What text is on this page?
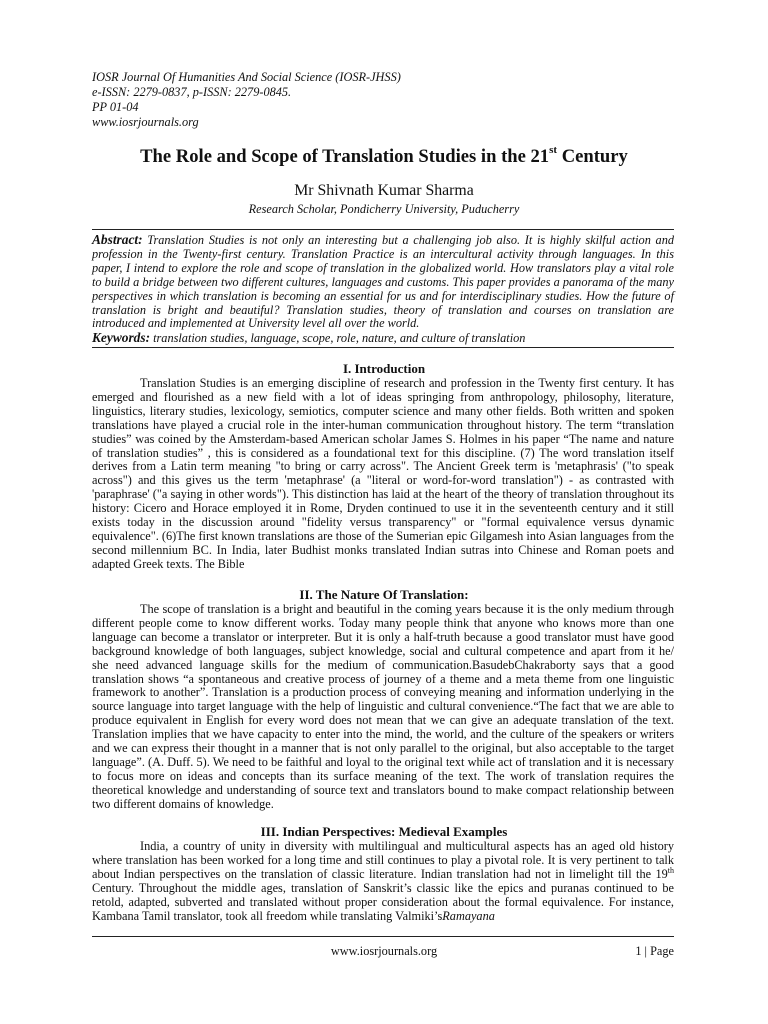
IOSR Journal Of Humanities And Social Science (IOSR-JHSS)
e-ISSN: 2279-0837, p-ISSN: 2279-0845.
PP 01-04
www.iosrjournals.org
The Role and Scope of Translation Studies in the 21st Century
Mr Shivnath Kumar Sharma
Research Scholar, Pondicherry University, Puducherry
Abstract: Translation Studies is not only an interesting but a challenging job also. It is highly skilful action and profession in the Twenty-first century. Translation Practice is an intercultural activity through languages. In this paper, I intend to explore the role and scope of translation in the globalized world. How translators play a vital role to build a bridge between two different cultures, languages and customs. This paper provides a panorama of the many perspectives in which translation is becoming an essential for us and for interdisciplinary studies. How the future of translation is bright and beautiful? Translation studies, theory of translation and courses on translation are introduced and implemented at University level all over the world.
Keywords: translation studies, language, scope, role, nature, and culture of translation
I. Introduction

Translation Studies is an emerging discipline of research and profession in the Twenty first century. It has emerged and flourished as a new field with a lot of ideas springing from anthropology, philosophy, literature, linguistics, literary studies, lexicology, semiotics, computer science and many other fields. Both written and spoken translations have played a crucial role in the inter-human communication throughout history. The term “translation studies” was coined by the Amsterdam-based American scholar James S. Holmes in his paper “The name and nature of translation studies” , this is considered as a foundational text for this discipline. (7) The word translation itself derives from a Latin term meaning "to bring or carry across". The Ancient Greek term is 'metaphrasis' ("to speak across") and this gives us the term 'metaphrase' (a "literal or word-for-word translation") - as contrasted with 'paraphrase' ("a saying in other words"). This distinction has laid at the heart of the theory of translation throughout its history: Cicero and Horace employed it in Rome, Dryden continued to use it in the seventeenth century and it still exists today in the discussion around "fidelity versus transparency" or "formal equivalence versus dynamic equivalence". (6)The first known translations are those of the Sumerian epic Gilgamesh into Asian languages from the second millennium BC. In India, later Budhist monks translated Indian sutras into Chinese and Roman poets and adapted Greek texts. The Bible

II. The Nature Of Translation:

The scope of translation is a bright and beautiful in the coming years because it is the only medium through different people come to know different works. Today many people think that anyone who knows more than one language can become a translator or interpreter. But it is only a half-truth because a good translator must have good background knowledge of both languages, subject knowledge, social and cultural competence and apart from it he/ she need advanced language skills for the medium of communication.BasudebChakraborty says that a good translation shows “a spontaneous and creative process of journey of a theme and a meta theme from one linguistic framework to another”. Translation is a production process of conveying meaning and information underlying in the source language into target language with the help of linguistic and cultural convenience.“The fact that we are able to produce equivalent in English for every word does not mean that we can give an adequate translation of the text. Translation implies that we have capacity to enter into the mind, the world, and the culture of the speakers or writers and we can express their thought in a manner that is not only parallel to the original, but also acceptable to the target language”. (A. Duff. 5). We need to be faithful and loyal to the original text while act of translation and it is necessary to focus more on ideas and concepts than its surface meaning of the text. The work of translation requires the theoretical knowledge and understanding of source text and translators bound to make compact relationship between two different domains of knowledge.

III. Indian Perspectives: Medieval Examples

India, a country of unity in diversity with multilingual and multicultural aspects has an aged old history where translation has been worked for a long time and still continues to play a pivotal role. It is very pertinent to talk about Indian perspectives on the translation of classic literature. Indian translation had not in limelight till the 19th Century. Throughout the middle ages, translation of Sanskrit’s classic like the epics and puranas continued to be retold, adapted, subverted and translated without proper consideration about the formal equivalence. For instance, Kambana Tamil translator, took all freedom while translating Valmiki’sRamayana

www.iosrjournals.org	1 | Page
